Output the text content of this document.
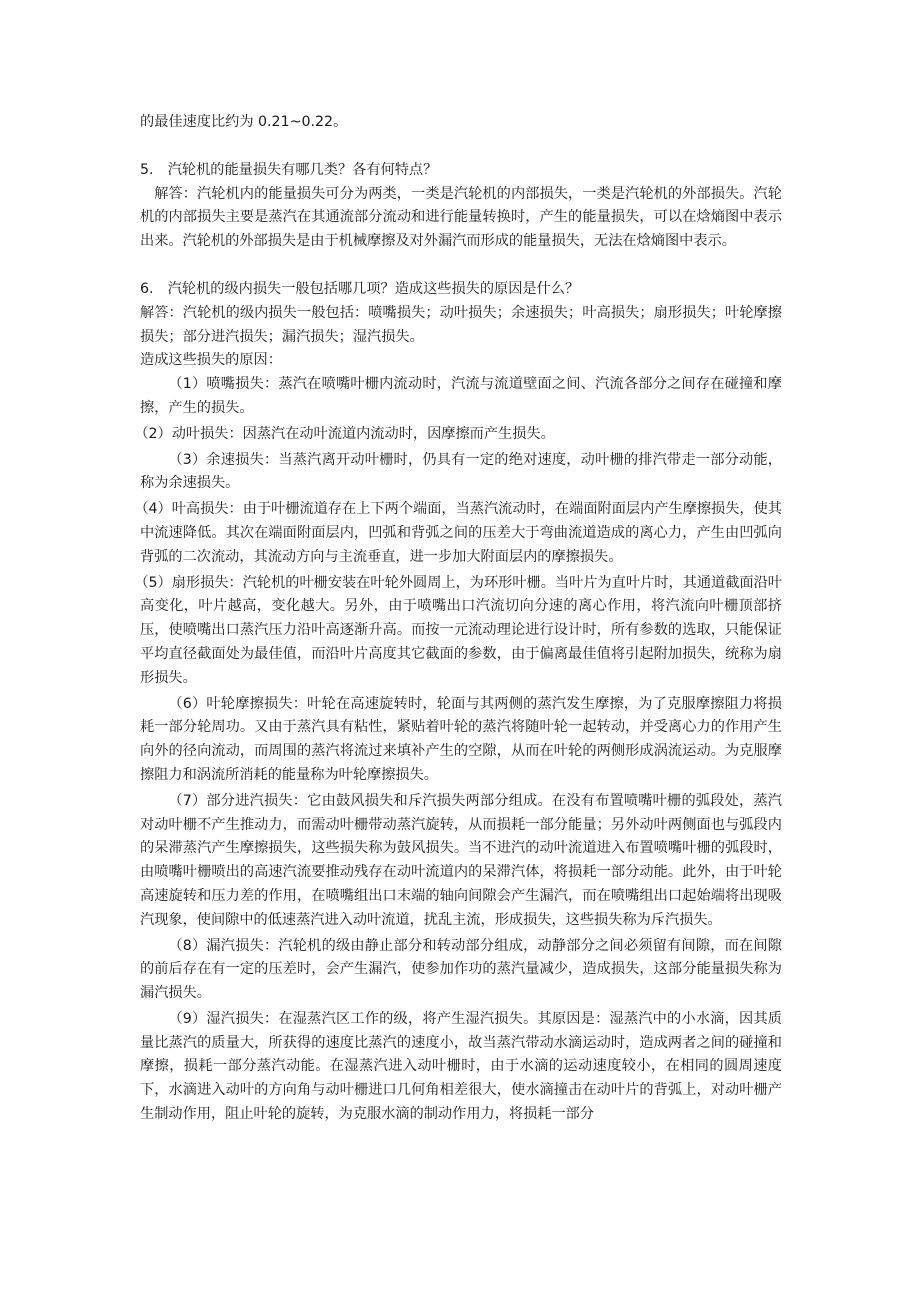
的最佳速度比约为 0.21~0.22。

5.　汽轮机的能量损失有哪几类？各有何特点？

解答：汽轮机内的能量损失可分为两类，一类是汽轮机的内部损失，一类是汽轮机的外部损失。汽轮机的内部损失主要是蒸汽在其通流部分流动和进行能量转换时，产生的能量损失，可以在焓熵图中表示出来。汽轮机的外部损失是由于机械摩擦及对外漏汽而形成的能量损失，无法在焓熵图中表示。

6.　汽轮机的级内损失一般包括哪几项？造成这些损失的原因是什么？

解答：汽轮机的级内损失一般包括：喷嘴损失；动叶损失；余速损失；叶高损失；扇形损失；叶轮摩擦损失；部分进汽损失；漏汽损失；湿汽损失。

造成这些损失的原因：

（1）喷嘴损失：蒸汽在喷嘴叶栅内流动时，汽流与流道壁面之间、汽流各部分之间存在碰撞和摩擦，产生的损失。

（2）动叶损失：因蒸汽在动叶流道内流动时，因摩擦而产生损失。

（3）余速损失：当蒸汽离开动叶栅时，仍具有一定的绝对速度，动叶栅的排汽带走一部分动能，称为余速损失。

（4）叶高损失：由于叶栅流道存在上下两个端面，当蒸汽流动时，在端面附面层内产生摩擦损失，使其中流速降低。其次在端面附面层内，凹弧和背弧之间的压差大于弯曲流道造成的离心力，产生由凹弧向背弧的二次流动，其流动方向与主流垂直，进一步加大附面层内的摩擦损失。

（5）扇形损失：汽轮机的叶栅安装在叶轮外圆周上，为环形叶栅。当叶片为直叶片时，其通道截面沿叶高变化，叶片越高，变化越大。另外，由于喷嘴出口汽流切向分速的离心作用，将汽流向叶栅顶部挤压，使喷嘴出口蒸汽压力沿叶高逐渐升高。而按一元流动理论进行设计时，所有参数的选取，只能保证平均直径截面处为最佳值，而沿叶片高度其它截面的参数，由于偏离最佳值将引起附加损失，统称为扇形损失。

（6）叶轮摩擦损失：叶轮在高速旋转时，轮面与其两侧的蒸汽发生摩擦，为了克服摩擦阻力将损耗一部分轮周功。又由于蒸汽具有粘性，紧贴着叶轮的蒸汽将随叶轮一起转动，并受离心力的作用产生向外的径向流动，而周围的蒸汽将流过来填补产生的空隙，从而在叶轮的两侧形成涡流运动。为克服摩擦阻力和涡流所消耗的能量称为叶轮摩擦损失。

（7）部分进汽损失：它由鼓风损失和斥汽损失两部分组成。在没有布置喷嘴叶栅的弧段处，蒸汽对动叶栅不产生推动力，而需动叶栅带动蒸汽旋转，从而损耗一部分能量；另外动叶两侧面也与弧段内的呆滞蒸汽产生摩擦损失，这些损失称为鼓风损失。当不进汽的动叶流道进入布置喷嘴叶栅的弧段时，由喷嘴叶栅喷出的高速汽流要推动残存在动叶流道内的呆滞汽体，将损耗一部分动能。此外，由于叶轮高速旋转和压力差的作用，在喷嘴组出口末端的轴向间隙会产生漏汽，而在喷嘴组出口起始端将出现吸汽现象，使间隙中的低速蒸汽进入动叶流道，扰乱主流，形成损失，这些损失称为斥汽损失。

（8）漏汽损失：汽轮机的级由静止部分和转动部分组成，动静部分之间必须留有间隙，而在间隙的前后存在有一定的压差时，会产生漏汽，使参加作功的蒸汽量减少，造成损失，这部分能量损失称为漏汽损失。

（9）湿汽损失：在湿蒸汽区工作的级，将产生湿汽损失。其原因是：湿蒸汽中的小水滴，因其质量比蒸汽的质量大，所获得的速度比蒸汽的速度小，故当蒸汽带动水滴运动时，造成两者之间的碰撞和摩擦，损耗一部分蒸汽动能。在湿蒸汽进入动叶栅时，由于水滴的运动速度较小，在相同的圆周速度下，水滴进入动叶的方向角与动叶栅进口几何角相差很大，使水滴撞击在动叶片的背弧上，对动叶栅产生制动作用，阻止叶轮的旋转，为克服水滴的制动作用力，将损耗一部分
